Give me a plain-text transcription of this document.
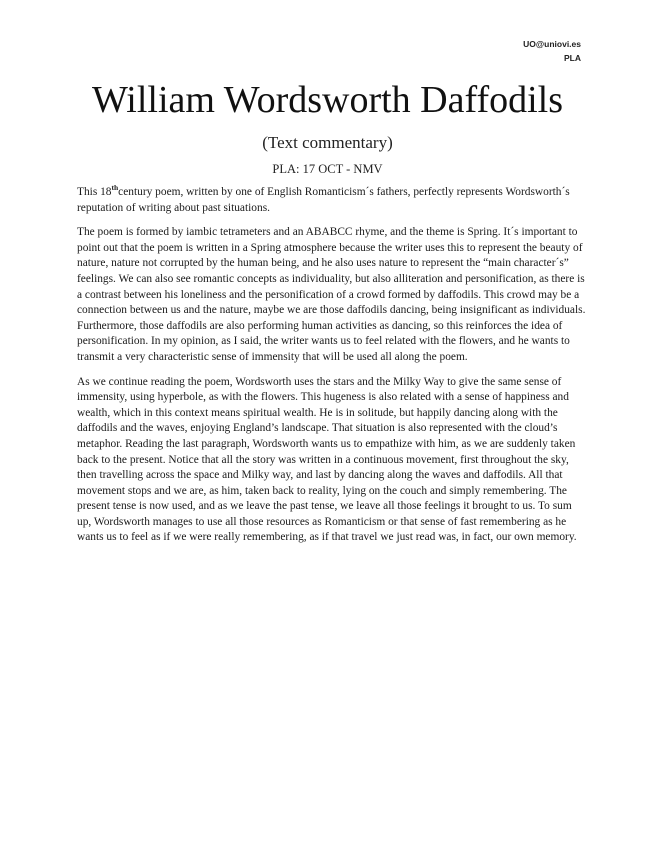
UO@uniovi.es
PLA
William Wordsworth Daffodils
(Text commentary)
PLA: 17 OCT - NMV

This 18thcentury poem, written by one of English Romanticism´s fathers, perfectly represents Wordsworth´s reputation of writing about past situations.

The poem is formed by iambic tetrameters and an ABABCC rhyme, and the theme is Spring. It´s important to point out that the poem is written in a Spring atmosphere because the writer uses this to represent the beauty of nature, nature not corrupted by the human being, and he also uses nature to represent the “main character´s” feelings. We can also see romantic concepts as individuality, but also alliteration and personification, as there is a contrast between his loneliness and the personification of a crowd formed by daffodils. This crowd may be a connection between us and the nature, maybe we are those daffodils dancing, being insignificant as individuals. Furthermore, those daffodils are also performing human activities as dancing, so this reinforces the idea of personification. In my opinion, as I said, the writer wants us to feel related with the flowers, and he wants to transmit a very characteristic sense of immensity that will be used all along the poem.

As we continue reading the poem, Wordsworth uses the stars and the Milky Way to give the same sense of immensity, using hyperbole, as with the flowers. This hugeness is also related with a sense of happiness and wealth, which in this context means spiritual wealth. He is in solitude, but happily dancing along with the daffodils and the waves, enjoying England’s landscape. That situation is also represented with the cloud’s metaphor. Reading the last paragraph, Wordsworth wants us to empathize with him, as we are suddenly taken back to the present. Notice that all the story was written in a continuous movement, first throughout the sky, then travelling across the space and Milky way, and last by dancing along the waves and daffodils. All that movement stops and we are, as him, taken back to reality, lying on the couch and simply remembering. The present tense is now used, and as we leave the past tense, we leave all those feelings it brought to us. To sum up, Wordsworth manages to use all those resources as Romanticism or that sense of fast remembering as he wants us to feel as if we were really remembering, as if that travel we just read was, in fact, our own memory.
